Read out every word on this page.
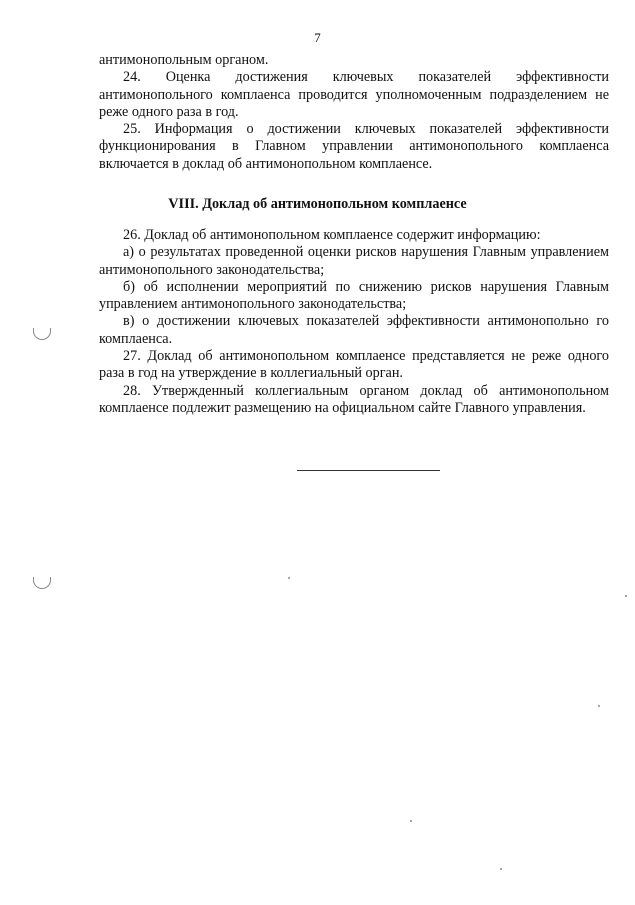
7

антимонопольным органом.

24. Оценка достижения ключевых показателей эффективности антимонопольного комплаенса проводится уполномоченным подразделением не реже одного раза в год.

25. Информация о достижении ключевых показателей эффективности функционирования в Главном управлении антимонопольного комплаенса включается в доклад об антимонопольном комплаенсе.

VIII. Доклад об антимонопольном комплаенсе

26. Доклад об антимонопольном комплаенсе содержит информацию:

а) о результатах проведенной оценки рисков нарушения Главным управлением антимонопольного законодательства;

б) об исполнении мероприятий по снижению рисков нарушения Главным управлением антимонопольного законодательства;

в) о достижении ключевых показателей эффективности антимонопольно го комплаенса.

27. Доклад об антимонопольном комплаенсе представляется не реже одного раза в год на утверждение в коллегиальный орган.

28. Утвержденный коллегиальным органом доклад об антимонопольном комплаенсе подлежит размещению на официальном сайте Главного управления.
